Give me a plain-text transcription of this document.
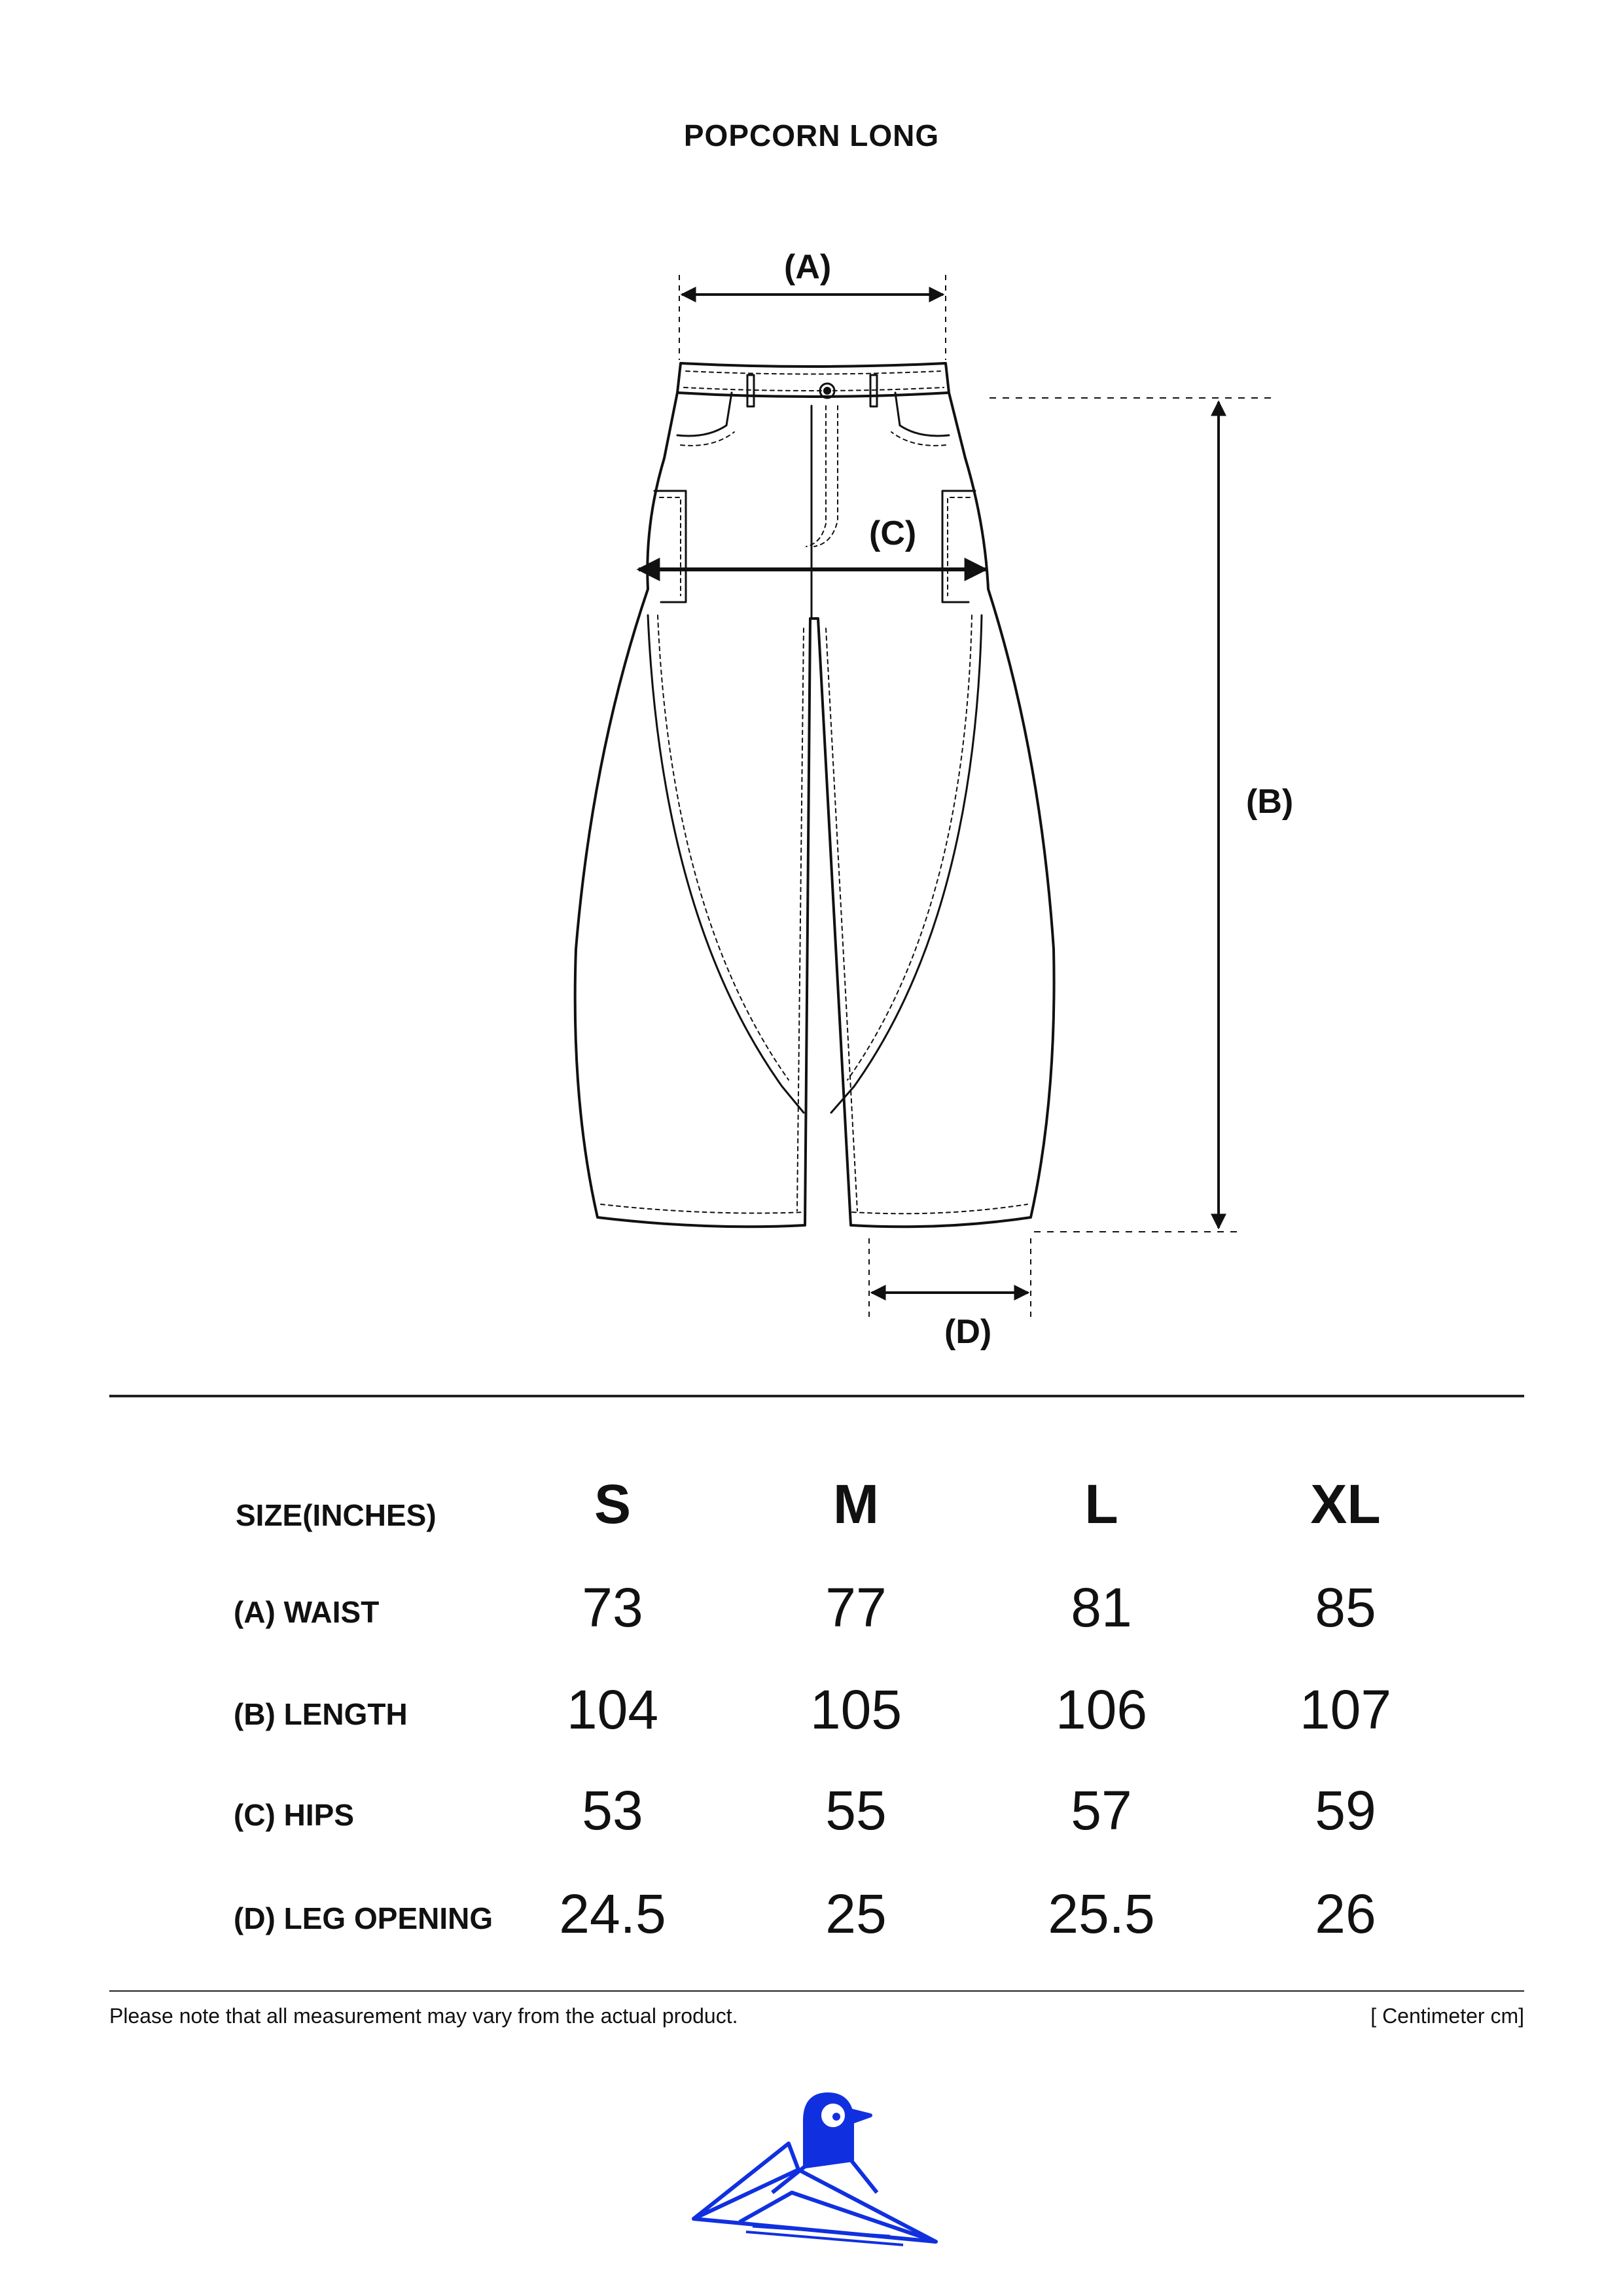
POPCORN LONG
(A)
(C)
(B)
(D)
SIZE(INCHES)	S	M	L	XL
(A) WAIST	73	77	81	85
(B) LENGTH	104	105	106	107
(C) HIPS	53	55	57	59
(D) LEG OPENING	24.5	25	25.5	26
Please note that all measurement may vary from the actual product.	[ Centimeter cm]
